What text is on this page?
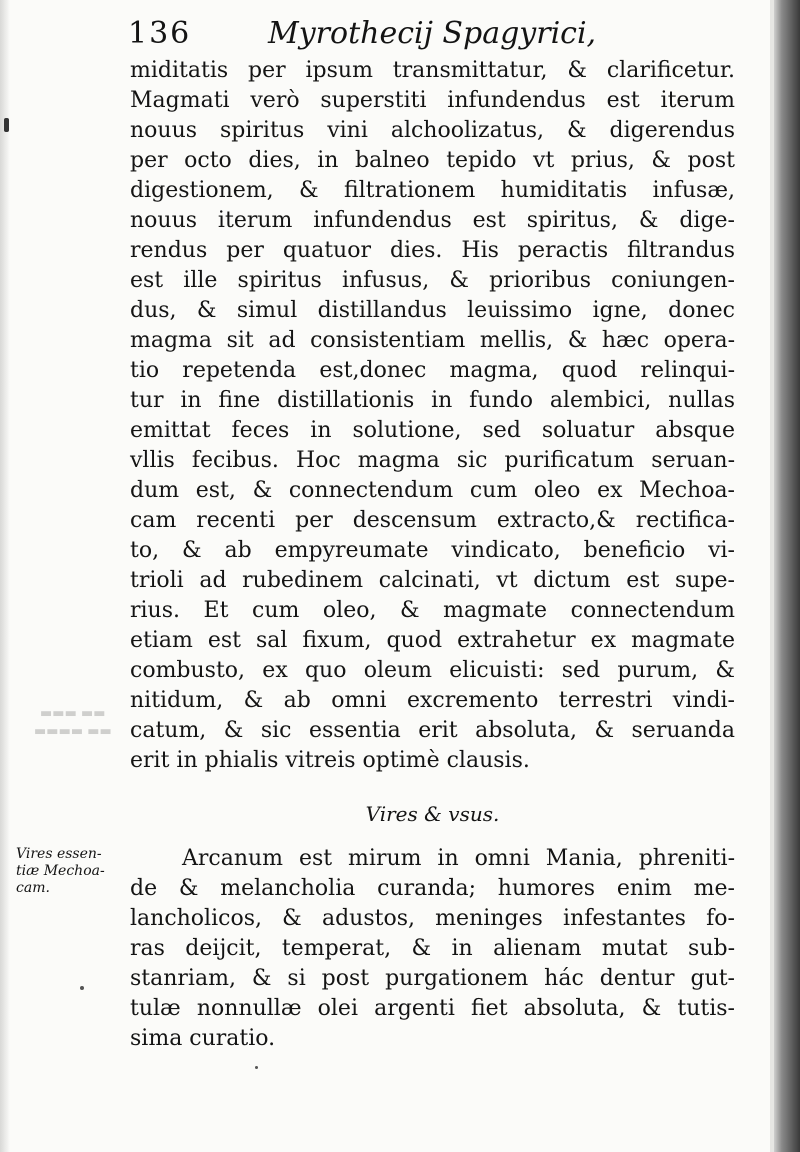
▬▬▬ ▬▬
▬▬▬▬ ▬▬
136	Myrothecij Spagyrici,
miditatis per ipsum transmittatur, & clarificetur.
Magmati verò superstiti infundendus est iterum
nouus spiritus vini alchoolizatus, & digerendus
per octo dies, in balneo tepido vt prius, & post
digestionem, & filtrationem humiditatis infusæ,
nouus iterum infundendus est spiritus, & dige-
rendus per quatuor dies. His peractis filtrandus
est ille spiritus infusus, & prioribus coniungen-
dus, & simul distillandus leuissimo igne, donec
magma sit ad consistentiam mellis, & hæc opera-
tio repetenda est,donec magma, quod relinqui-
tur in fine distillationis in fundo alembici, nullas
emittat feces in solutione, sed soluatur absque
vllis fecibus. Hoc magma sic purificatum seruan-
dum est, & connectendum cum oleo ex Mechoa-
cam recenti per descensum extracto,& rectifica-
to, & ab empyreumate vindicato, beneficio vi-
trioli ad rubedinem calcinati, vt dictum est supe-
rius. Et cum oleo, & magmate connectendum
etiam est sal fixum, quod extrahetur ex magmate
combusto, ex quo oleum elicuisti: sed purum, &
nitidum, & ab omni excremento terrestri vindi-
catum, & sic essentia erit absoluta, & seruanda
erit in phialis vitreis optimè clausis.
Vires & vsus.
Vires essen-
tiæ Mechoa-
cam.
Arcanum est mirum in omni Mania, phreniti-
de & melancholia curanda; humores enim me-
lancholicos, & adustos, meninges infestantes fo-
ras deijcit, temperat, & in alienam mutat sub-
stanriam, & si post purgationem hác dentur gut-
tulæ nonnullæ olei argenti fiet absoluta, & tutis-
sima curatio.
